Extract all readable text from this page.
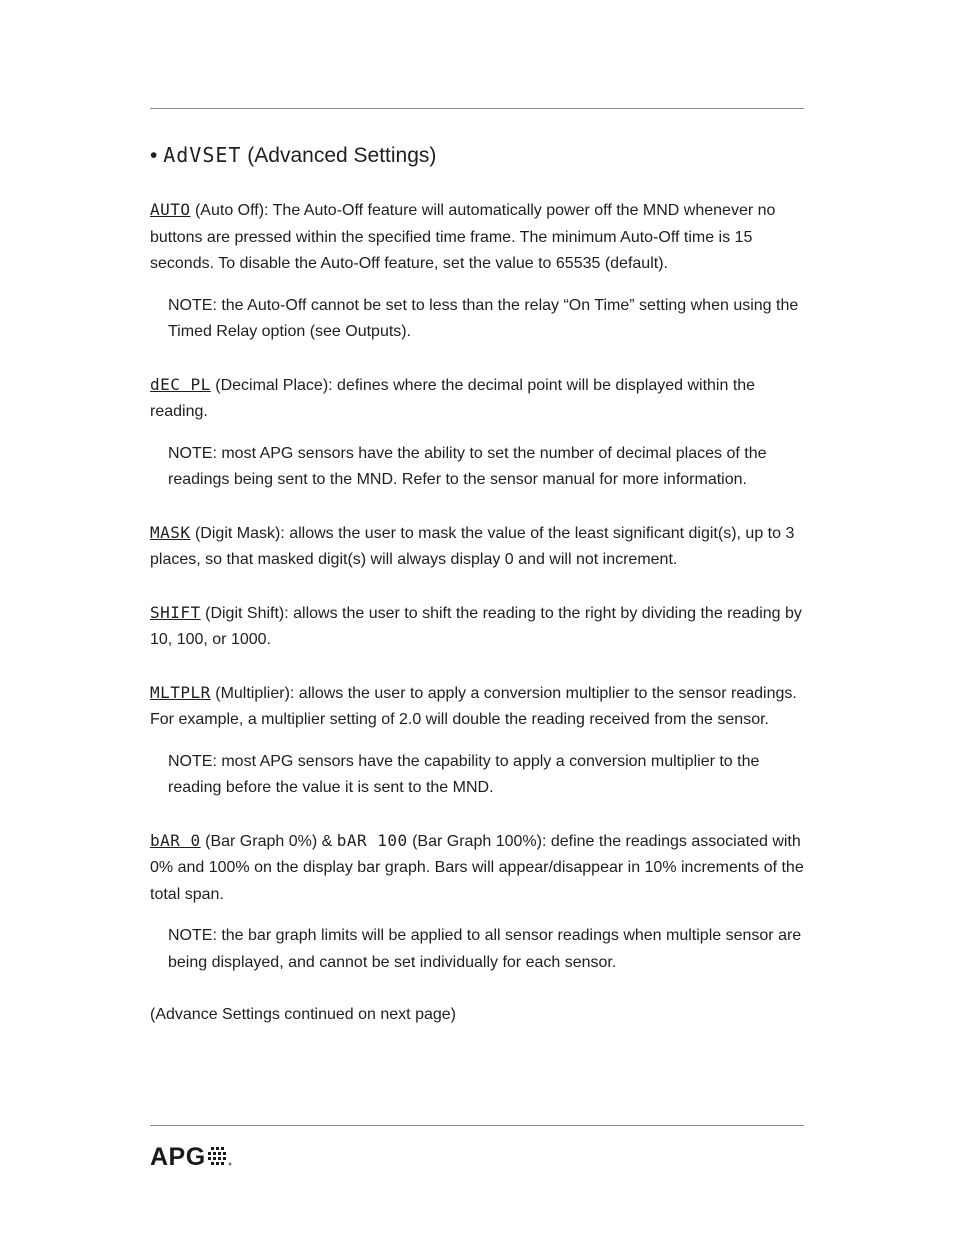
• AdVSET (Advanced Settings)

AUTO (Auto Off): The Auto-Off feature will automatically power off the MND whenever no buttons are pressed within the specified time frame. The minimum Auto-Off time is 15 seconds. To disable the Auto-Off feature, set the value to 65535 (default).

NOTE: the Auto-Off cannot be set to less than the relay “On Time” setting when using the Timed Relay option (see Outputs).

dEC PL (Decimal Place): defines where the decimal point will be displayed within the reading.

NOTE: most APG sensors have the ability to set the number of decimal places of the readings being sent to the MND. Refer to the sensor manual for more information.

MASK (Digit Mask): allows the user to mask the value of the least significant digit(s), up to 3 places, so that masked digit(s) will always display 0 and will not increment.

SHIFT (Digit Shift): allows the user to shift the reading to the right by dividing the reading by 10, 100, or 1000.

MLTPLR (Multiplier): allows the user to apply a conversion multiplier to the sensor readings. For example, a multiplier setting of 2.0 will double the reading received from the sensor.

NOTE: most APG sensors have the capability to apply a conversion multiplier to the reading before the value it is sent to the MND.

bAR 0 (Bar Graph 0%) & bAR 100 (Bar Graph 100%): define the readings associated with 0% and 100% on the display bar graph. Bars will appear/disappear in 10% increments of the total span.

NOTE: the bar graph limits will be applied to all sensor readings when multiple sensor are being displayed, and cannot be set individually for each sensor.

(Advance Settings continued on next page)

APG
